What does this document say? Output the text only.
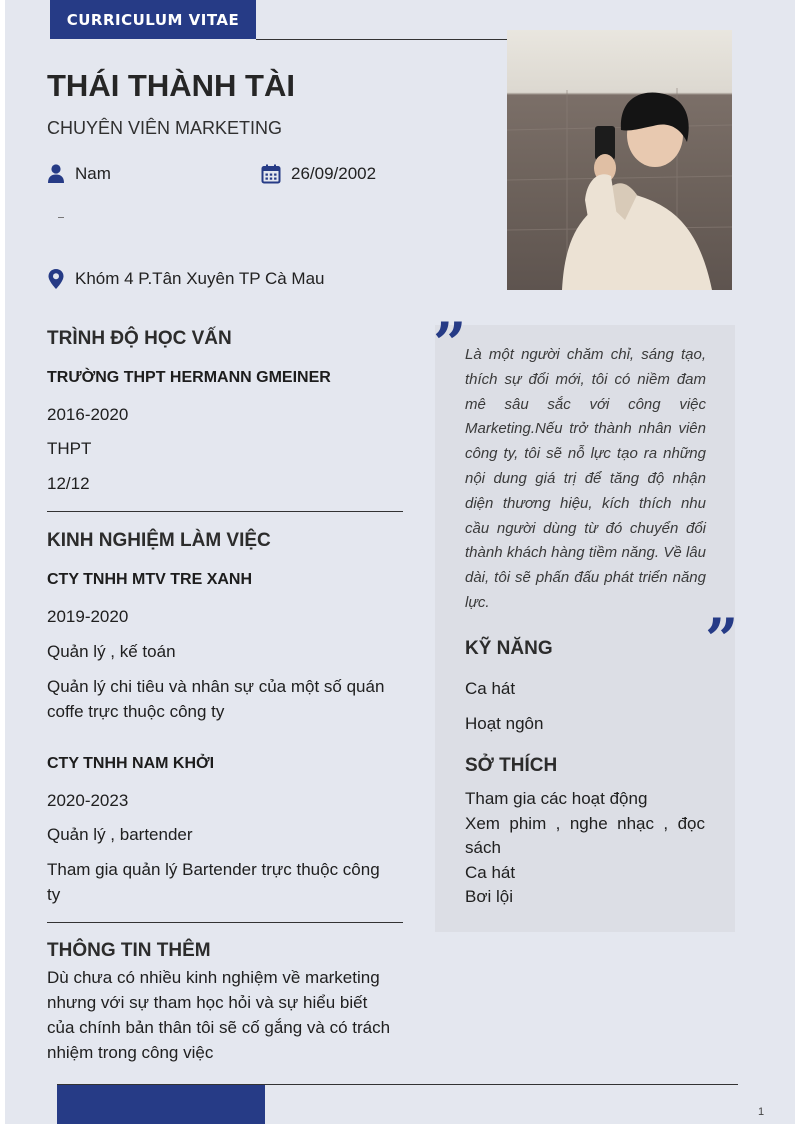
CURRICULUM VITAE
THÁI THÀNH TÀI
CHUYÊN VIÊN MARKETING
Nam	26/09/2002
Khóm 4 P.Tân Xuyên TP Cà Mau
TRÌNH ĐỘ HỌC VẤN
TRƯỜNG THPT HERMANN GMEINER
2016-2020
THPT
12/12
KINH NGHIỆM LÀM VIỆC
CTY TNHH MTV TRE XANH
2019-2020
Quản lý , kế toán
Quản lý chi tiêu và nhân sự của một số quán coffe trực thuộc công ty
CTY TNHH NAM KHỞI
2020-2023
Quản lý , bartender
Tham gia quản lý Bartender trực thuộc công ty
THÔNG TIN THÊM
Dù chưa có nhiều kinh nghiệm về marketing nhưng với sự tham học hỏi và sự hiểu biết của chính bản thân tôi sẽ cố gắng và có trách nhiệm trong công việc
”
Là một người chăm chỉ, sáng tạo, thích sự đổi mới, tôi có niềm đam mê sâu sắc với công việc Marketing.Nếu trở thành nhân viên công ty, tôi sẽ nỗ lực tạo ra những nội dung giá trị để tăng độ nhận diện thương hiệu, kích thích nhu cầu người dùng từ đó chuyển đổi thành khách hàng tiềm năng. Về lâu dài, tôi sẽ phấn đấu phát triển năng lực.
”
KỸ NĂNG
Ca hát
Hoạt ngôn
SỞ THÍCH
Tham gia các hoạt động
Xem phim , nghe nhạc , đọc sách
Ca hát
Bơi lội
1
